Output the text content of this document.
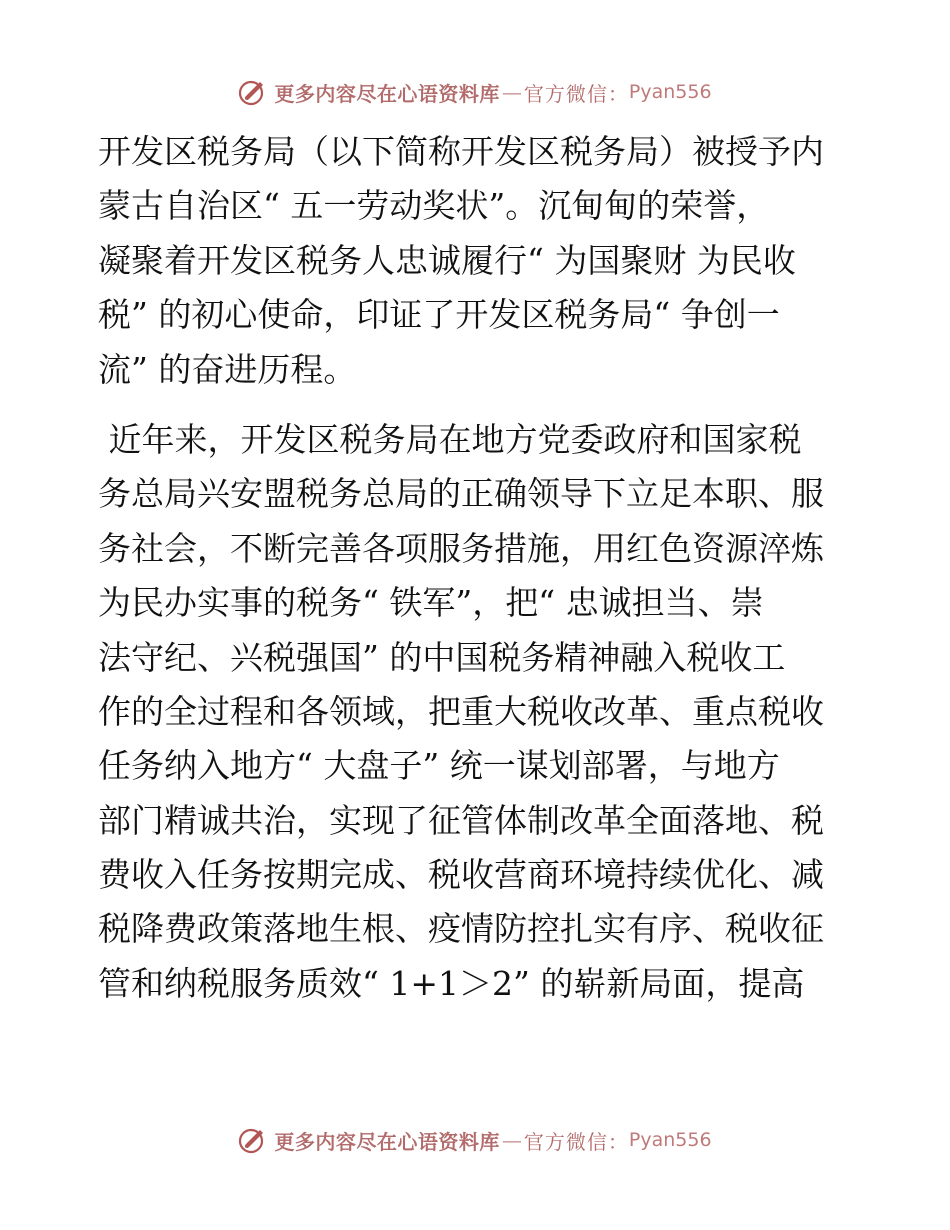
更多内容尽在心语资料库 — 官方微信： Pyan556
开发区税务局（以下简称开发区税务局）被授予内
蒙古自治区“ 五一劳动奖状”。沉甸甸的荣誉，
凝聚着开发区税务人忠诚履行“ 为国聚财 为民收
税” 的初心使命，印证了开发区税务局“ 争创一
流” 的奋进历程。
近年来，开发区税务局在地方党委政府和国家税
务总局兴安盟税务总局的正确领导下立足本职、服
务社会，不断完善各项服务措施，用红色资源淬炼
为民办实事的税务“ 铁军”，把“ 忠诚担当、崇
法守纪、兴税强国” 的中国税务精神融入税收工
作的全过程和各领域，把重大税收改革、重点税收
任务纳入地方“ 大盘子” 统一谋划部署，与地方
部门精诚共治，实现了征管体制改革全面落地、税
费收入任务按期完成、税收营商环境持续优化、减
税降费政策落地生根、疫情防控扎实有序、税收征
管和纳税服务质效“ 1+1＞2” 的崭新局面，提高
更多内容尽在心语资料库 — 官方微信： Pyan556
